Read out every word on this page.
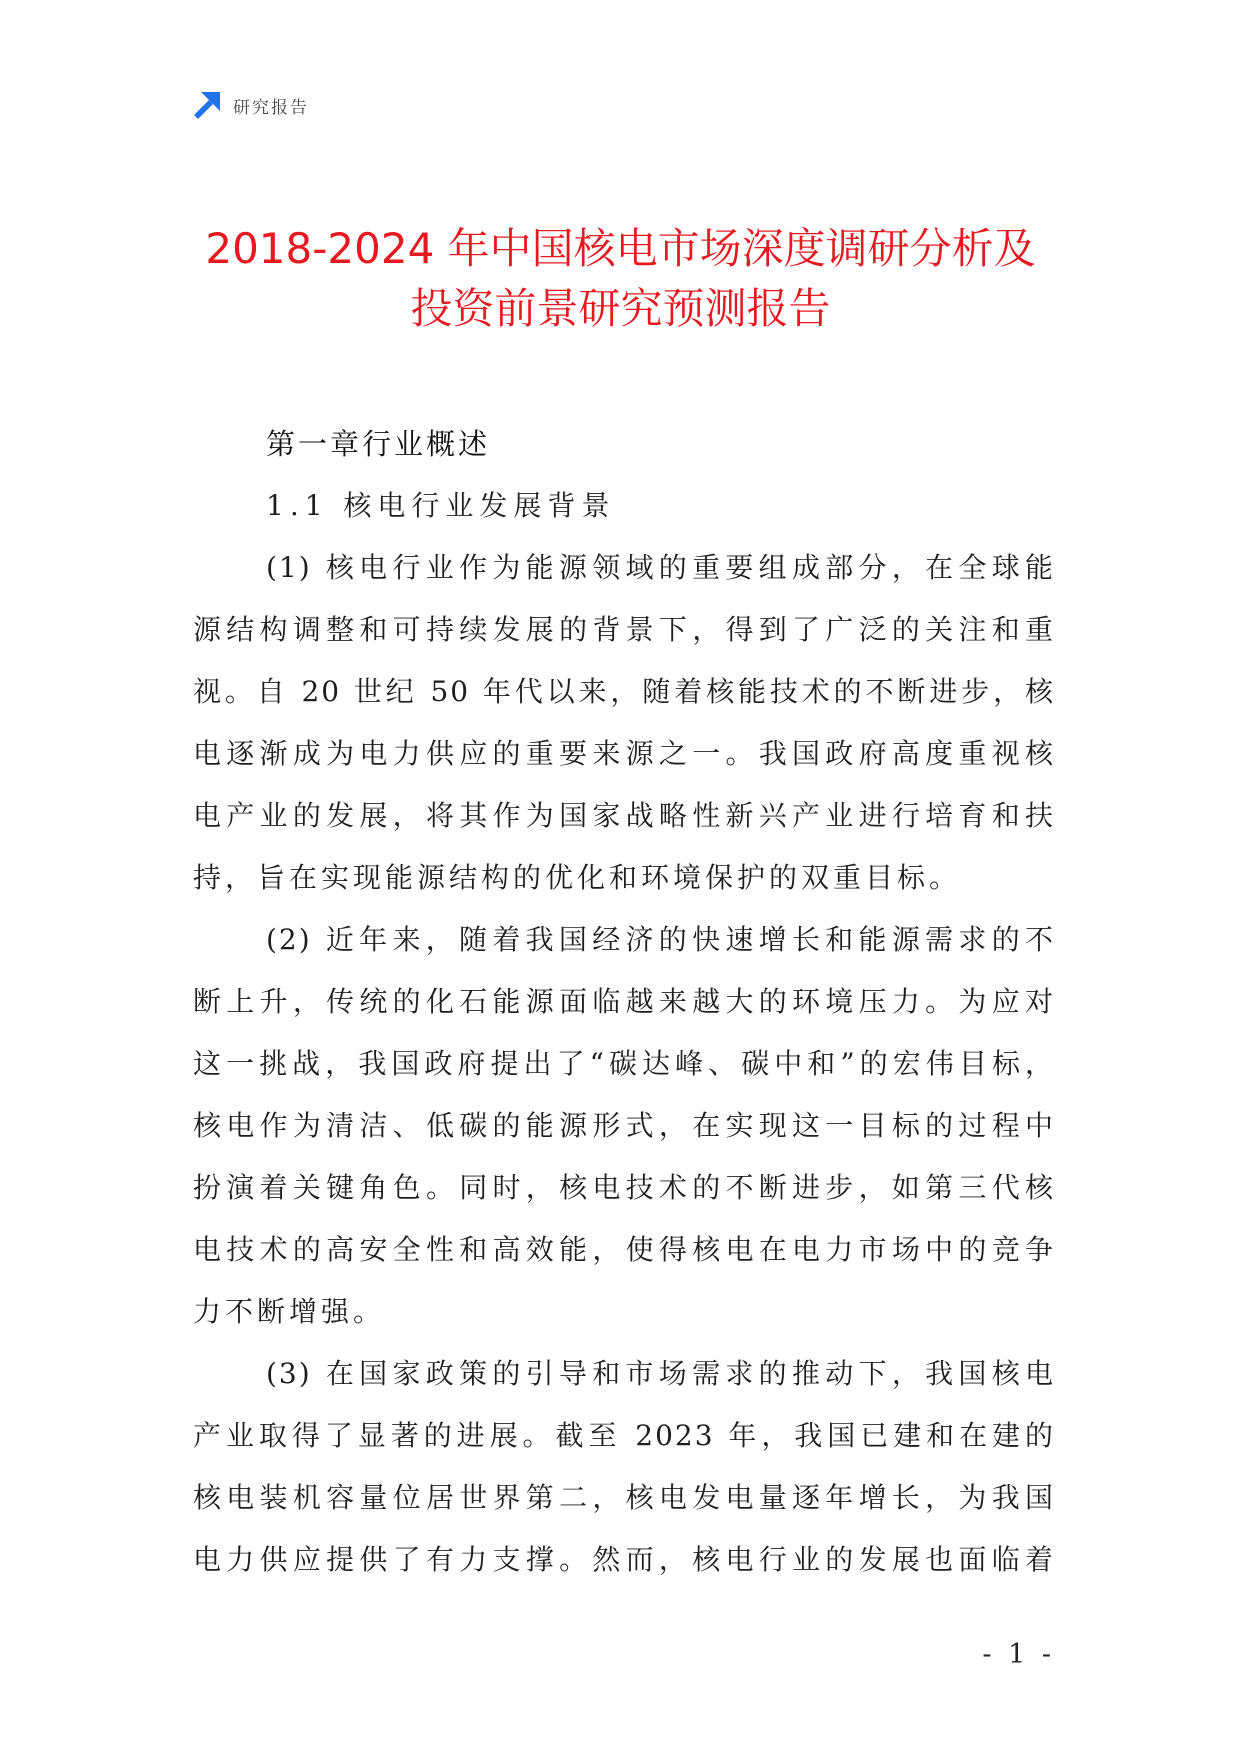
研究报告
2018-2024 年中国核电市场深度调研分析及
投资前景研究预测报告
第一章行业概述
1.1 核电行业发展背景
(1) 核电行业作为能源领域的重要组成部分，在全球能
源结构调整和可持续发展的背景下，得到了广泛的关注和重
视。自 20 世纪 50 年代以来，随着核能技术的不断进步，核
电逐渐成为电力供应的重要来源之一。我国政府高度重视核
电产业的发展，将其作为国家战略性新兴产业进行培育和扶
持，旨在实现能源结构的优化和环境保护的双重目标。
(2) 近年来，随着我国经济的快速增长和能源需求的不
断上升，传统的化石能源面临越来越大的环境压力。为应对
这一挑战，我国政府提出了“碳达峰、碳中和”的宏伟目标，
核电作为清洁、低碳的能源形式，在实现这一目标的过程中
扮演着关键角色。同时，核电技术的不断进步，如第三代核
电技术的高安全性和高效能，使得核电在电力市场中的竞争
力不断增强。
(3) 在国家政策的引导和市场需求的推动下，我国核电
产业取得了显著的进展。截至 2023 年，我国已建和在建的
核电装机容量位居世界第二，核电发电量逐年增长，为我国
电力供应提供了有力支撑。然而，核电行业的发展也面临着
- 1 -
